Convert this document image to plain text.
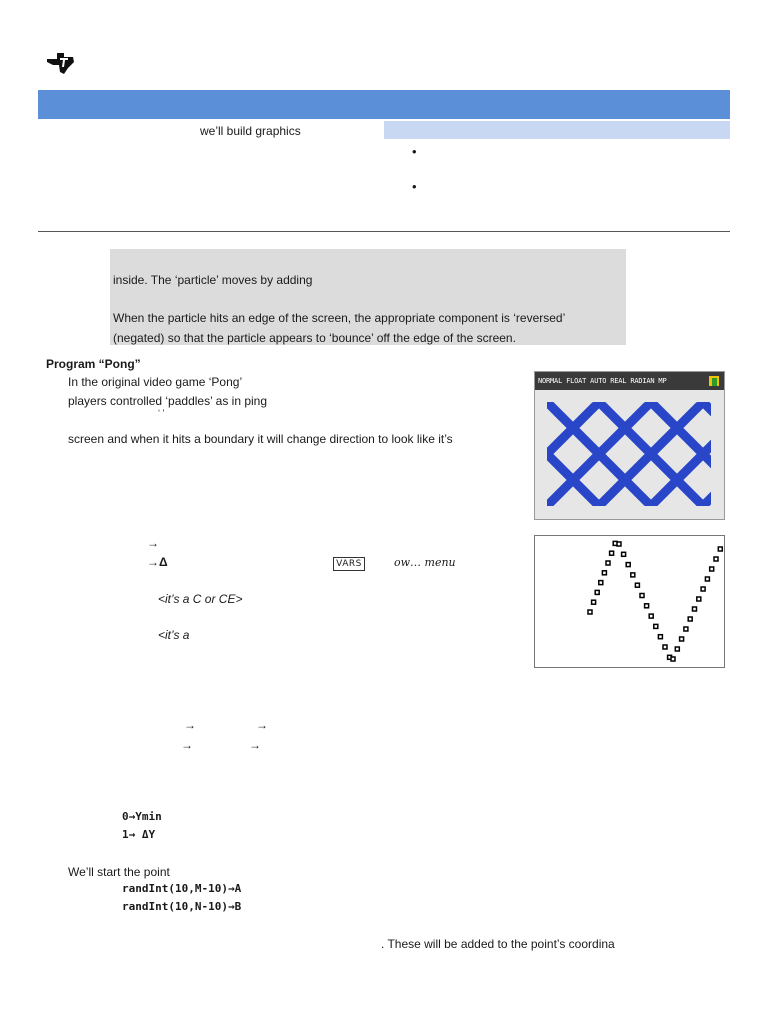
we’ll build graphics
•
•
inside. The ‘particle’ moves by adding
When the particle hits an edge of the screen, the appropriate component is ‘reversed’
(negated) so that the particle appears to ‘bounce’ off the edge of the screen.
Program “Pong”
In the original video game ‘Pong’
players controlled ‘paddles’ as in ping
‘ ’
screen and when it hits a boundary it will change direction to look like it’s
NORMAL FLOAT AUTO REAL RADIAN MP
→
→Δ	VARS	ow… menu
<it’s a C or CE>
<it’s a
→	→
→	→
0→Ymin
1→ ΔY
We’ll start the point
randInt(10,M-10)→A
randInt(10,N-10)→B
. These will be added to the point’s coordina
